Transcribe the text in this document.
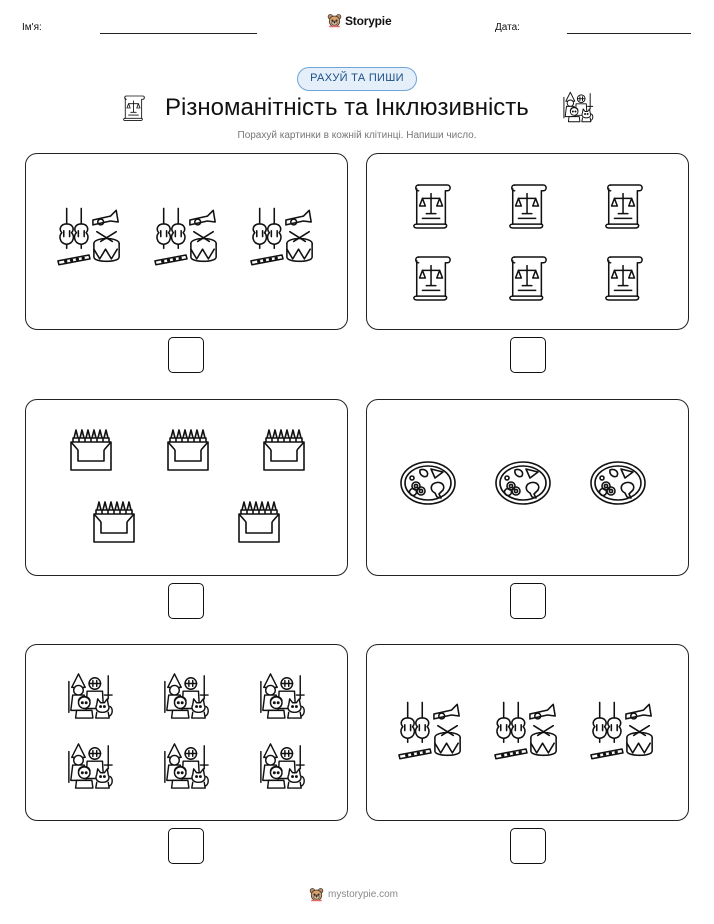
Ім'я:	Storypie	Дата:
РАХУЙ ТА ПИШИ
Різноманітність та Інклюзивність
Порахуй картинки в кожній клітинці. Напиши число.
mystorypie.com
